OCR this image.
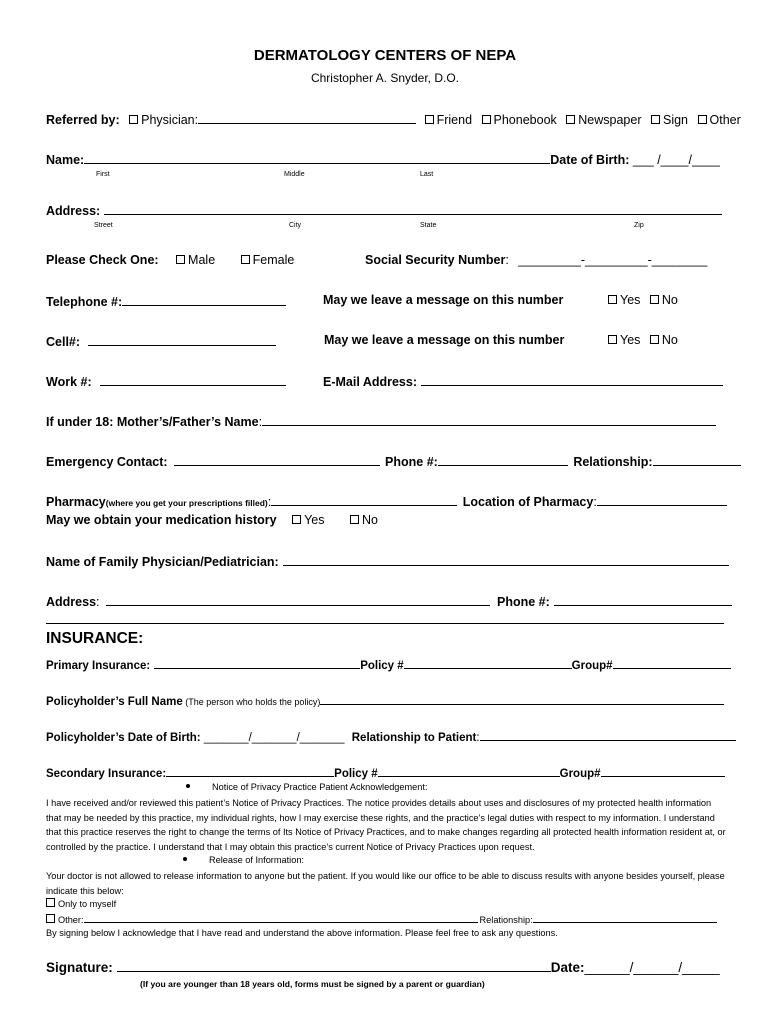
DERMATOLOGY CENTERS OF NEPA
Christopher A. Snyder, D.O.
Referred by: Physician:	Friend Phonebook Newspaper Sign Other
Name:	Date of Birth: ___ /____/____
First	Middle	Last
Address:
Street	City	State	Zip
Please Check One: Male	Female	Social Security Number: _________-_________-________
Telephone #:	May we leave a message on this number	Yes No
Cell#:	May we leave a message on this number	Yes No
Work #:	E-Mail Address:
If under 18: Mother’s/Father’s Name:
Emergency Contact:	Phone #:	Relationship:
Pharmacy(where you get your prescriptions filled):	Location of Pharmacy:
May we obtain your medication history Yes	No
Name of Family Physician/Pediatrician:
Address:	Phone #:
INSURANCE:
Primary Insurance:	Policy #	Group#
Policyholder’s Full Name (The person who holds the policy)
Policyholder’s Date of Birth: _______/_______/_______ Relationship to Patient:
Secondary Insurance:	Policy #	Group#
Notice of Privacy Practice Patient Acknowledgement:
I have received and/or reviewed this patient’s Notice of Privacy Practices. The notice provides details about uses and disclosures of my protected health information that may be needed by this practice, my individual rights, how I may exercise these rights, and the practice’s legal duties with respect to my information. I understand that this practice reserves the right to change the terms of Its Notice of Privacy Practices, and to make changes regarding all protected health information resident at, or controlled by the practice. I understand that I may obtain this practice’s current Notice of Privacy Practices upon request.
Release of Information:
Your doctor is not allowed to release information to anyone but the patient. If you would like our office to be able to discuss results with anyone besides yourself, please indicate this below:
Only to myself
Other:	Relationship:
By signing below I acknowledge that I have read and understand the above information. Please feel free to ask any questions.
Signature:	Date:______/______/_____
(If you are younger than 18 years old, forms must be signed by a parent or guardian)
